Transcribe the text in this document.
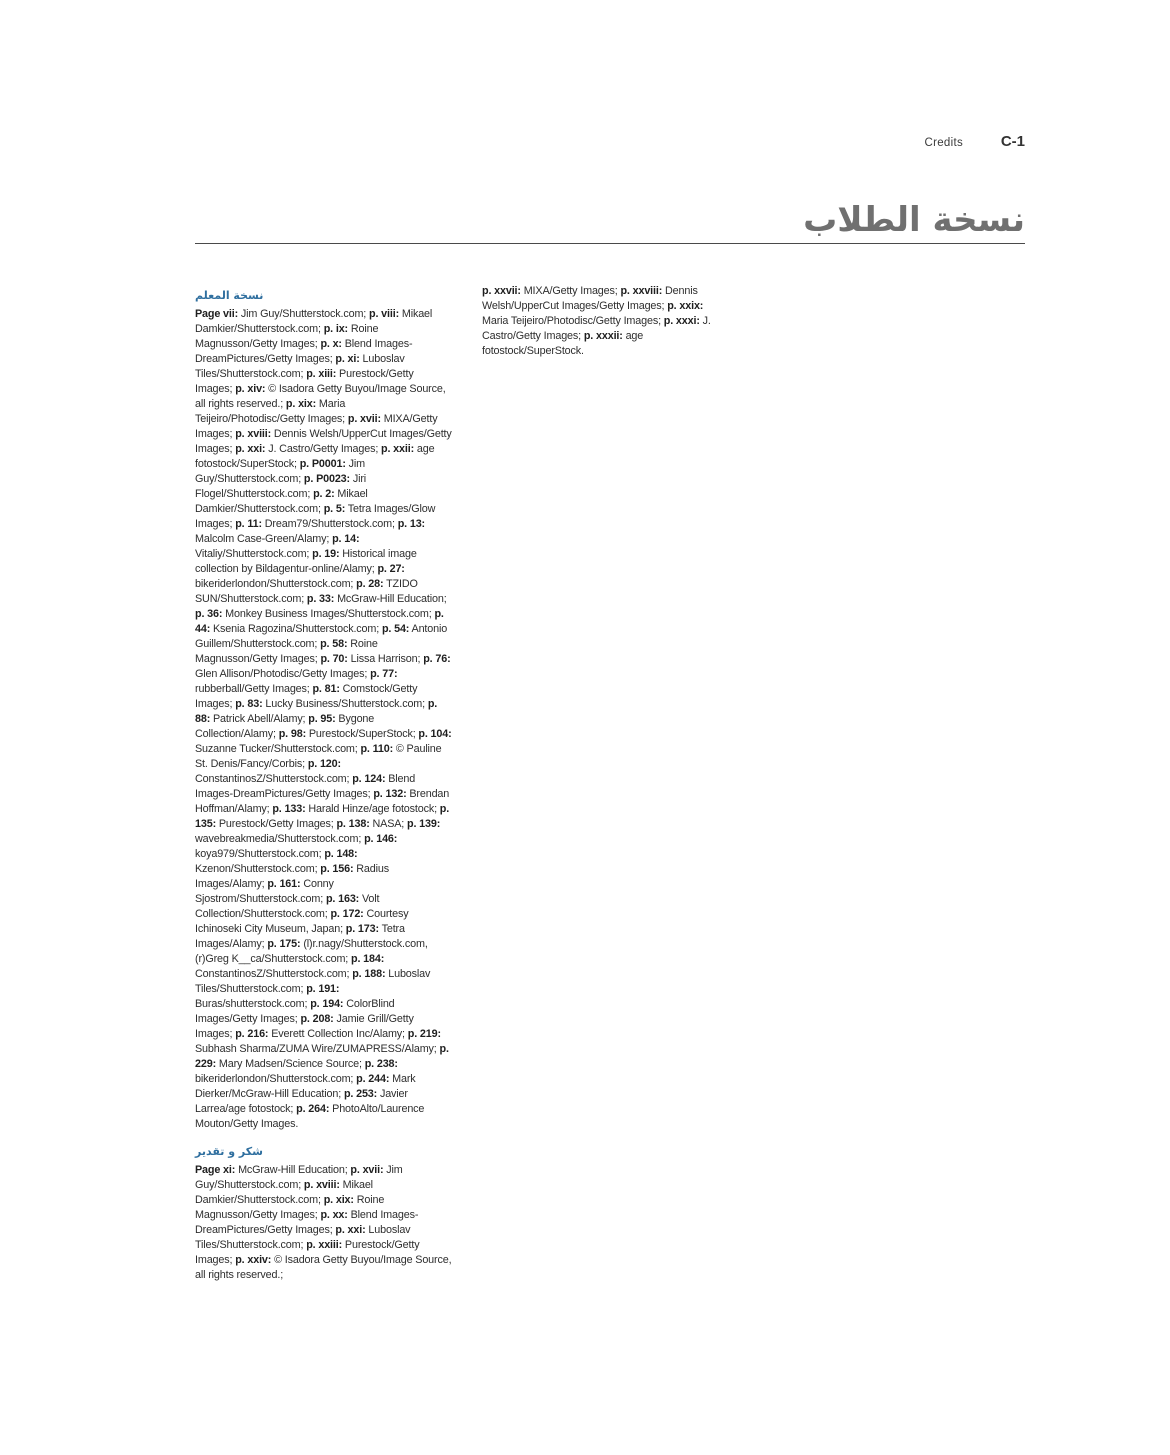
Credits	C-1
نسخة الطلاب
نسخة المعلم

Page vii: Jim Guy/Shutterstock.com; p. viii: Mikael Damkier/Shutterstock.com; p. ix: Roine Magnusson/Getty Images; p. x: Blend Images-DreamPictures/Getty Images; p. xi: Luboslav Tiles/Shutterstock.com; p. xiii: Purestock/Getty Images; p. xiv: © Isadora Getty Buyou/Image Source, all rights reserved.; p. xix: Maria Teijeiro/Photodisc/Getty Images; p. xvii: MIXA/Getty Images; p. xviii: Dennis Welsh/UpperCut Images/Getty Images; p. xxi: J. Castro/Getty Images; p. xxii: age fotostock/SuperStock; p. P0001: Jim Guy/Shutterstock.com; p. P0023: Jiri Flogel/Shutterstock.com; p. 2: Mikael Damkier/Shutterstock.com; p. 5: Tetra Images/Glow Images; p. 11: Dream79/Shutterstock.com; p. 13: Malcolm Case-Green/Alamy; p. 14: Vitaliy/Shutterstock.com; p. 19: Historical image collection by Bildagentur-online/Alamy; p. 27: bikeriderlondon/Shutterstock.com; p. 28: TZIDO SUN/Shutterstock.com; p. 33: McGraw-Hill Education; p. 36: Monkey Business Images/Shutterstock.com; p. 44: Ksenia Ragozina/Shutterstock.com; p. 54: Antonio Guillem/Shutterstock.com; p. 58: Roine Magnusson/Getty Images; p. 70: Lissa Harrison; p. 76: Glen Allison/Photodisc/Getty Images; p. 77: rubberball/Getty Images; p. 81: Comstock/Getty Images; p. 83: Lucky Business/Shutterstock.com; p. 88: Patrick Abell/Alamy; p. 95: Bygone Collection/Alamy; p. 98: Purestock/SuperStock; p. 104: Suzanne Tucker/Shutterstock.com; p. 110: © Pauline St. Denis/Fancy/Corbis; p. 120: ConstantinosZ/Shutterstock.com; p. 124: Blend Images-DreamPictures/Getty Images; p. 132: Brendan Hoffman/Alamy; p. 133: Harald Hinze/age fotostock; p. 135: Purestock/Getty Images; p. 138: NASA; p. 139: wavebreakmedia/Shutterstock.com; p. 146: koya979/Shutterstock.com; p. 148: Kzenon/Shutterstock.com; p. 156: Radius Images/Alamy; p. 161: Conny Sjostrom/Shutterstock.com; p. 163: Volt Collection/Shutterstock.com; p. 172: Courtesy Ichinoseki City Museum, Japan; p. 173: Tetra Images/Alamy; p. 175: (l)r.nagy/Shutterstock.com, (r)Greg K__ca/Shutterstock.com; p. 184: ConstantinosZ/Shutterstock.com; p. 188: Luboslav Tiles/Shutterstock.com; p. 191: Buras/shutterstock.com; p. 194: ColorBlind Images/Getty Images; p. 208: Jamie Grill/Getty Images; p. 216: Everett Collection Inc/Alamy; p. 219: Subhash Sharma/ZUMA Wire/ZUMAPRESS/Alamy; p. 229: Mary Madsen/Science Source; p. 238: bikeriderlondon/Shutterstock.com; p. 244: Mark Dierker/McGraw-Hill Education; p. 253: Javier Larrea/age fotostock; p. 264: PhotoAlto/Laurence Mouton/Getty Images.

شكر و تقدير

Page xi: McGraw-Hill Education; p. xvii: Jim Guy/Shutterstock.com; p. xviii: Mikael Damkier/Shutterstock.com; p. xix: Roine Magnusson/Getty Images; p. xx: Blend Images-DreamPictures/Getty Images; p. xxi: Luboslav Tiles/Shutterstock.com; p. xxiii: Purestock/Getty Images; p. xxiv: © Isadora Getty Buyou/Image Source, all rights reserved.;

p. xxvii: MIXA/Getty Images; p. xxviii: Dennis Welsh/UpperCut Images/Getty Images; p. xxix: Maria Teijeiro/Photodisc/Getty Images; p. xxxi: J. Castro/Getty Images; p. xxxii: age fotostock/SuperStock.
